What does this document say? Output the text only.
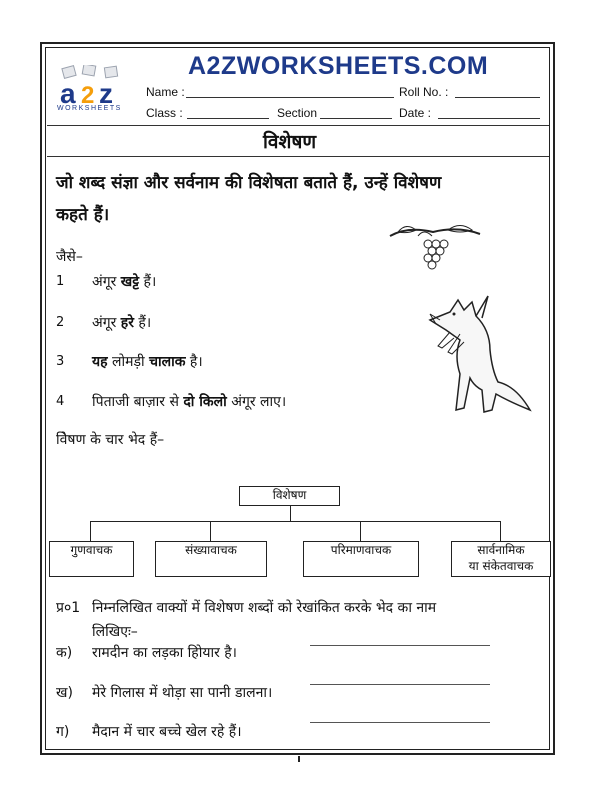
a 2 z
WORKSHEETS
A2ZWORKSHEETS.COM
Name :	Roll No. :
Class :	Section	Date :
विशेषण
जो शब्द संज्ञा और सर्वनाम की विशेषता बताते हैं, उन्हें विशेषण
कहते हैं।
जैसे–
1 अंगूर खट्टे हैं।
2 अंगूर हरे हैं।
3 यह लोमड़ी चालाक है।
4 पिताजी बाज़ार से दो किलो अंगूर लाए।
विेषण के चार भेद हैं–
विशेषण
गुणवाचक	संख्यावाचक	परिमाणवाचक	सार्वनामिक
या संकेतवाचक
प्र०1 निम्नलिखित वाक्यों में विशेषण शब्दों को रेखांकित करके भेद का नाम
लिखिएः–
क) रामदीन का लड़का होियार है।
ख) मेरे गिलास में थोड़ा सा पानी डालना।
ग) मैदान में चार बच्चे खेल रहे हैं।
